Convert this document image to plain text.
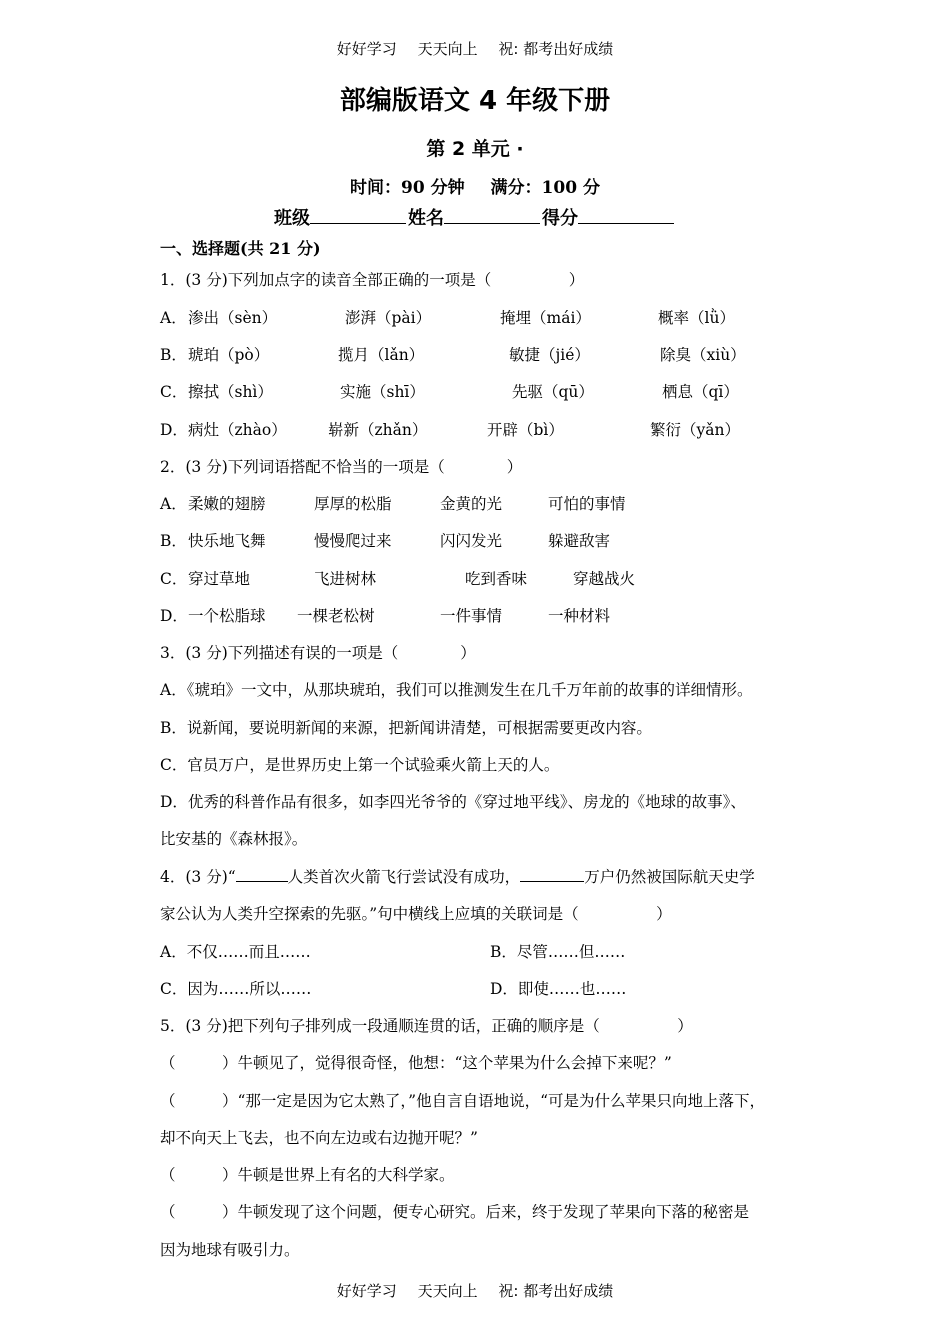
好好学习 天天向上 祝: 都考出好成绩
部编版语文 4 年级下册
第 2 单元 ·
时间：90 分钟 满分：100 分
班级	姓名	得分
一、选择题(共 21 分)
1．(3 分)下列加点字的读音全部正确的一项是（　　　　　）
A． 渗出（sèn）	澎湃（pài）	掩埋（mái）	概率（lǜ）
B． 琥珀（pò）	揽月（lǎn）	敏捷（jié）	除臭（xiù）
C． 擦拭（shì）	实施（shī）	先驱（qū）	栖息（qī）
D． 病灶（zhào）	崭新（zhǎn）	开辟（bì）	繁衍（yǎn）
2．(3 分)下列词语搭配不恰当的一项是（　　　　）
A． 柔嫩的翅膀	厚厚的松脂	金黄的光	可怕的事情
B． 快乐地飞舞	慢慢爬过来	闪闪发光	躲避敌害
C． 穿过草地	飞进树林	吃到香味	穿越战火
D． 一个松脂球 一棵老松树	一件事情	一种材料
3．(3 分)下列描述有误的一项是（　　　　）
A．《琥珀》一文中，从那块琥珀，我们可以推测发生在几千万年前的故事的详细情形。
B．说新闻，要说明新闻的来源，把新闻讲清楚，可根据需要更改内容。
C．官员万户，是世界历史上第一个试验乘火箭上天的人。
D．优秀的科普作品有很多，如李四光爷爷的《穿过地平线》、房龙的《地球的故事》、
比安基的《森林报》。
4．(3 分)“	人类首次火箭飞行尝试没有成功，	万户仍然被国际航天史学
家公认为人类升空探索的先驱。”句中横线上应填的关联词是（　　　　　）
A．不仅……而且……	B．尽管……但……
C．因为……所以……	D．即使……也……
5．(3 分)把下列句子排列成一段通顺连贯的话，正确的顺序是（　　　　　）
（　　　）牛顿见了，觉得很奇怪，他想：“这个苹果为什么会掉下来呢？”
（　　　）“那一定是因为它太熟了，”他自言自语地说，“可是为什么苹果只向地上落下，
却不向天上飞去，也不向左边或右边抛开呢？”
（　　　）牛顿是世界上有名的大科学家。
（　　　）牛顿发现了这个问题，便专心研究。后来，终于发现了苹果向下落的秘密是
因为地球有吸引力。
好好学习 天天向上 祝: 都考出好成绩
